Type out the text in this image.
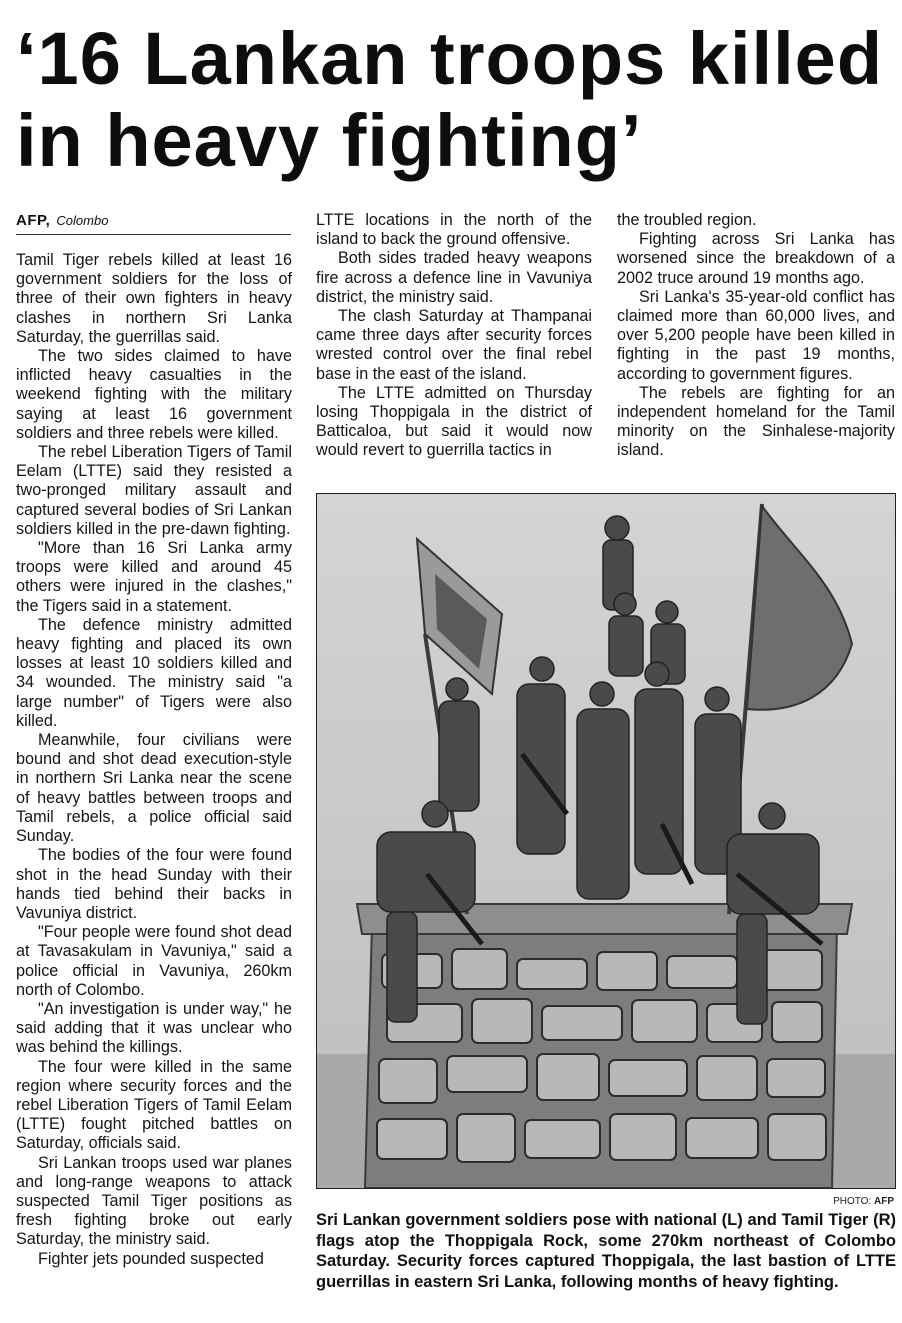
‘16 Lankan troops killed in heavy fighting’
AFP, Colombo

Tamil Tiger rebels killed at least 16 government soldiers for the loss of three of their own fighters in heavy clashes in northern Sri Lanka Saturday, the guerrillas said.

The two sides claimed to have inflicted heavy casualties in the weekend fighting with the military saying at least 16 government soldiers and three rebels were killed.

The rebel Liberation Tigers of Tamil Eelam (LTTE) said they resisted a two-pronged military assault and captured several bodies of Sri Lankan soldiers killed in the pre-dawn fighting.

"More than 16 Sri Lanka army troops were killed and around 45 others were injured in the clashes," the Tigers said in a statement.

The defence ministry admitted heavy fighting and placed its own losses at least 10 soldiers killed and 34 wounded. The ministry said "a large number" of Tigers were also killed.

Meanwhile, four civilians were bound and shot dead execution-style in northern Sri Lanka near the scene of heavy battles between troops and Tamil rebels, a police official said Sunday.

The bodies of the four were found shot in the head Sunday with their hands tied behind their backs in Vavuniya district.

"Four people were found shot dead at Tavasakulam in Vavuniya," said a police official in Vavuniya, 260km north of Colombo.

"An investigation is under way," he said adding that it was unclear who was behind the killings.

The four were killed in the same region where security forces and the rebel Liberation Tigers of Tamil Eelam (LTTE) fought pitched battles on Saturday, officials said.

Sri Lankan troops used war planes and long-range weapons to attack suspected Tamil Tiger positions as fresh fighting broke out early Saturday, the ministry said.

Fighter jets pounded suspected

LTTE locations in the north of the island to back the ground offensive.

Both sides traded heavy weapons fire across a defence line in Vavuniya district, the ministry said.

The clash Saturday at Thampanai came three days after security forces wrested control over the final rebel base in the east of the island.

The LTTE admitted on Thursday losing Thoppigala in the district of Batticaloa, but said it would now would revert to guerrilla tactics in

the troubled region.

Fighting across Sri Lanka has worsened since the breakdown of a 2002 truce around 19 months ago.

Sri Lanka's 35-year-old conflict has claimed more than 60,000 lives, and over 5,200 people have been killed in fighting in the past 19 months, according to government figures.

The rebels are fighting for an independent homeland for the Tamil minority on the Sinhalese-majority island.

PHOTO: AFP
Sri Lankan government soldiers pose with national (L) and Tamil Tiger (R) flags atop the Thoppigala Rock, some 270km northeast of Colombo Saturday. Security forces captured Thoppigala, the last bastion of LTTE guerrillas in eastern Sri Lanka, following months of heavy fighting.
